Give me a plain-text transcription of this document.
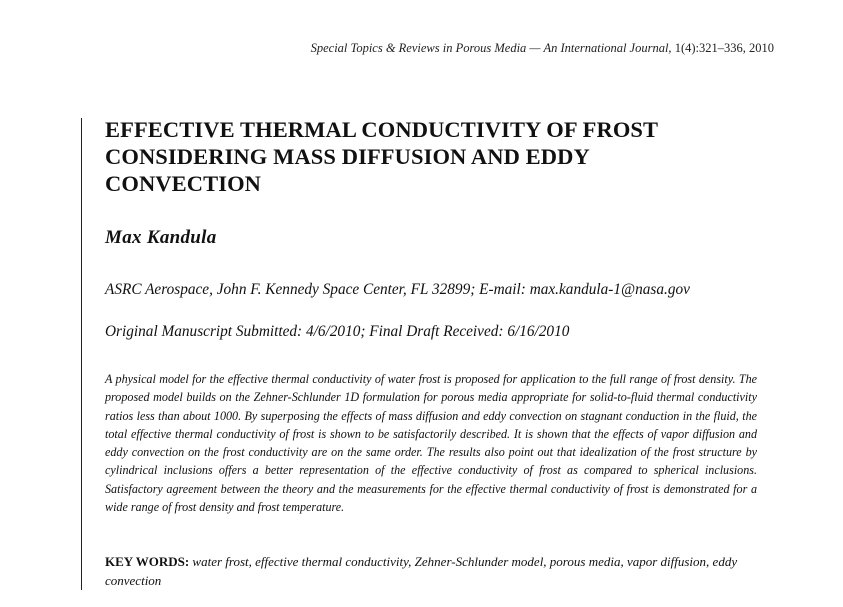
Special Topics & Reviews in Porous Media — An International Journal, 1(4):321–336, 2010
EFFECTIVE THERMAL CONDUCTIVITY OF FROST CONSIDERING MASS DIFFUSION AND EDDY CONVECTION
Max Kandula
ASRC Aerospace, John F. Kennedy Space Center, FL 32899; E-mail: max.kandula-1@nasa.gov
Original Manuscript Submitted: 4/6/2010; Final Draft Received: 6/16/2010

A physical model for the effective thermal conductivity of water frost is proposed for application to the full range of frost density. The proposed model builds on the Zehner-Schlunder 1D formulation for porous media appropriate for solid-to-fluid thermal conductivity ratios less than about 1000. By superposing the effects of mass diffusion and eddy convection on stagnant conduction in the fluid, the total effective thermal conductivity of frost is shown to be satisfactorily described. It is shown that the effects of vapor diffusion and eddy convection on the frost conductivity are on the same order. The results also point out that idealization of the frost structure by cylindrical inclusions offers a better representation of the effective conductivity of frost as compared to spherical inclusions. Satisfactory agreement between the theory and the measurements for the effective thermal conductivity of frost is demonstrated for a wide range of frost density and frost temperature.

KEY WORDS: water frost, effective thermal conductivity, Zehner-Schlunder model, porous media, vapor diffusion, eddy convection
